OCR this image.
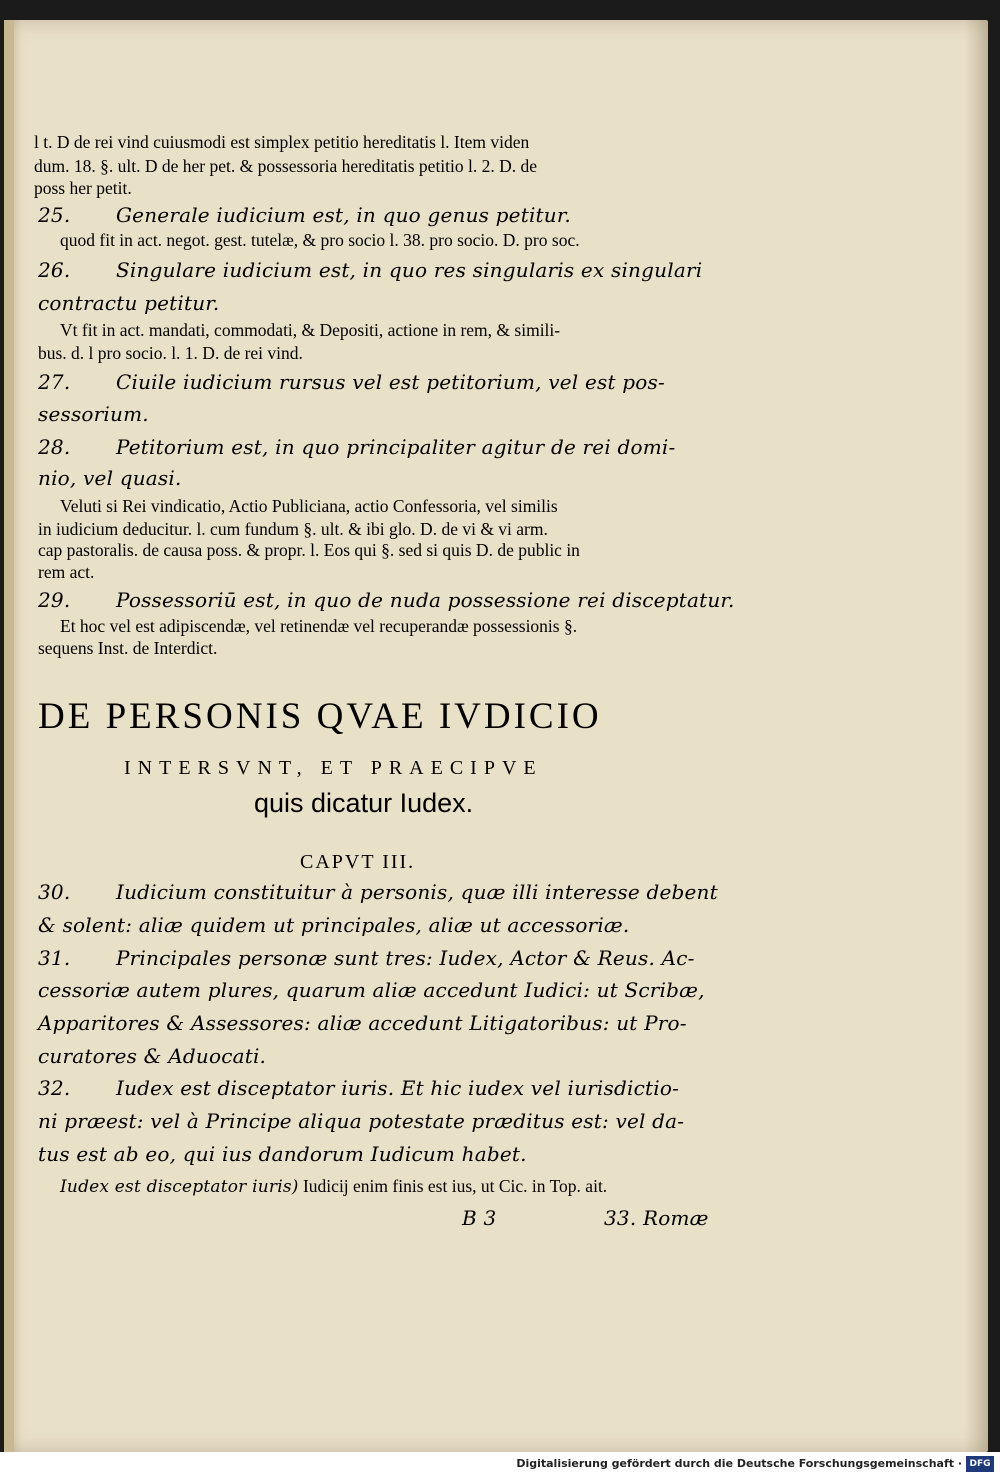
l t. D de rei vind cuiusmodi est simplex petitio hereditatis l. Item viden
dum. 18. §. ult. D de her pet. & possessoria hereditatis petitio l. 2. D. de
poss her petit.
25. Generale iudicium est, in quo genus petitur.
quod fit in act. negot. gest. tutelæ, & pro socio l. 38. pro socio. D. pro soc.
26. Singulare iudicium est, in quo res singularis ex singulari
contractu petitur.
Vt fit in act. mandati, commodati, & Depositi, actione in rem, & simili-
bus. d. l pro socio. l. 1. D. de rei vind.
27. Ciuile iudicium rursus vel est petitorium, vel est pos-
sessorium.
28. Petitorium est, in quo principaliter agitur de rei domi-
nio, vel quasi.
Veluti si Rei vindicatio, Actio Publiciana, actio Confessoria, vel similis
in iudicium deducitur. l. cum fundum §. ult. & ibi glo. D. de vi & vi arm.
cap pastoralis. de causa poss. & propr. l. Eos qui §. sed si quis D. de public in
rem act.
29. Possessoriū est, in quo de nuda possessione rei disceptatur.
Et hoc vel est adipiscendæ, vel retinendæ vel recuperandæ possessionis §.
sequens Inst. de Interdict.
DE PERSONIS QVAE IVDICIO
INTERSVNT, ET PRAECIPVE
quis dicatur Iudex.
CAPVT III.
30. Iudicium constituitur à personis, quæ illi interesse debent
& solent: aliæ quidem ut principales, aliæ ut accessoriæ.
31. Principales personæ sunt tres: Iudex, Actor & Reus. Ac-
cessoriæ autem plures, quarum aliæ accedunt Iudici: ut Scribæ,
Apparitores & Assessores: aliæ accedunt Litigatoribus: ut Pro-
curatores & Aduocati.
32. Iudex est disceptator iuris. Et hic iudex vel iurisdictio-
ni præest: vel à Principe aliqua potestate præditus est: vel da-
tus est ab eo, qui ius dandorum Iudicum habet.
Iudex est disceptator iuris) Iudicij enim finis est ius, ut Cic. in Top. ait.
B 3	33. Romæ
Digitalisierung gefördert durch die Deutsche Forschungsgemeinschaft · DFG
